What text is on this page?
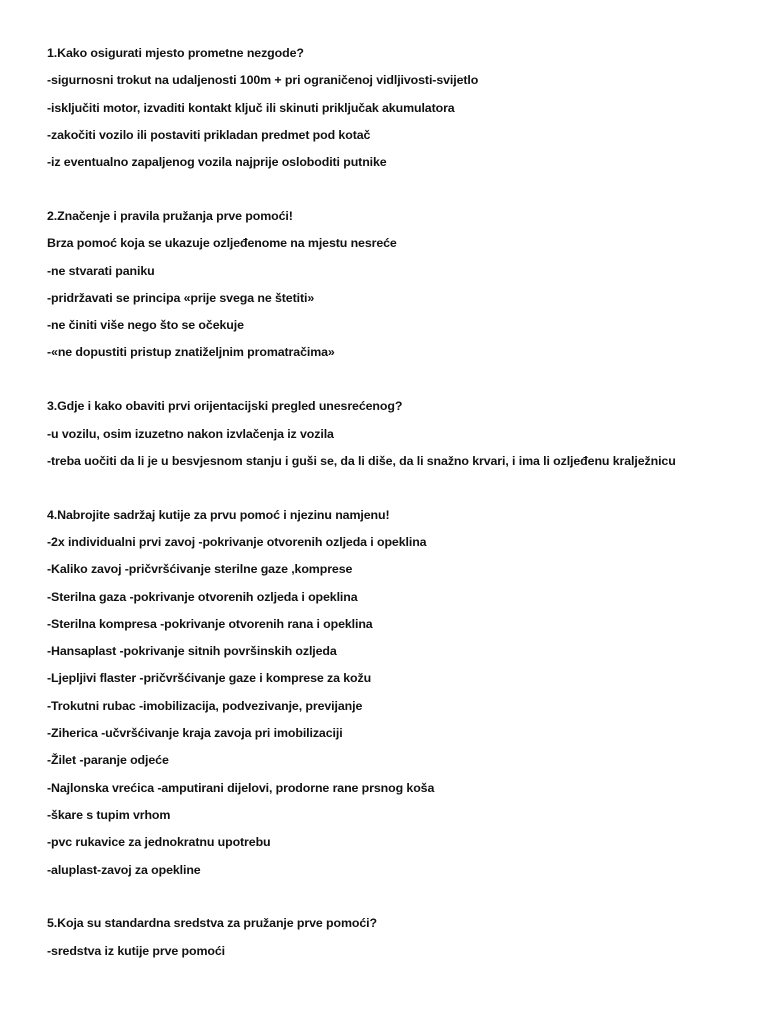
1.Kako osigurati mjesto prometne nezgode?
-sigurnosni trokut na udaljenosti 100m + pri ograničenoj vidljivosti-svijetlo
-isključiti motor, izvaditi kontakt ključ ili skinuti priključak akumulatora
-zakočiti vozilo ili postaviti prikladan predmet pod kotač
-iz eventualno zapaljenog vozila najprije osloboditi putnike
2.Značenje i pravila pružanja prve pomoći!
Brza pomoć koja se ukazuje ozljeđenome na mjestu nesreće
-ne stvarati paniku
-pridržavati se principa «prije svega ne štetiti»
-ne činiti više nego što se očekuje
-«ne dopustiti pristup znatiželjnim promatračima»
3.Gdje i kako obaviti prvi orijentacijski pregled unesrećenog?
-u vozilu, osim izuzetno nakon izvlačenja iz vozila
-treba uočiti da li je u besvjesnom stanju i guši se, da li diše, da li snažno krvari, i ima li ozljeđenu kralježnicu
4.Nabrojite sadržaj kutije za prvu pomoć i njezinu namjenu!
-2x individualni prvi zavoj -pokrivanje otvorenih ozljeda i opeklina
-Kaliko zavoj -pričvršćivanje sterilne gaze ,komprese
-Sterilna gaza -pokrivanje otvorenih ozljeda i opeklina
-Sterilna kompresa -pokrivanje otvorenih rana i opeklina
-Hansaplast -pokrivanje sitnih površinskih ozljeda
-Ljepljivi flaster -pričvršćivanje gaze i komprese za kožu
-Trokutni rubac -imobilizacija, podvezivanje, previjanje
-Ziherica -učvršćivanje kraja zavoja pri imobilizaciji
-Žilet -paranje odjeće
-Najlonska vrećica -amputirani dijelovi, prodorne rane prsnog koša
-škare s tupim vrhom
-pvc rukavice za jednokratnu upotrebu
-aluplast-zavoj za opekline
5.Koja su standardna sredstva za pružanje prve pomoći?
-sredstva iz kutije prve pomoći
